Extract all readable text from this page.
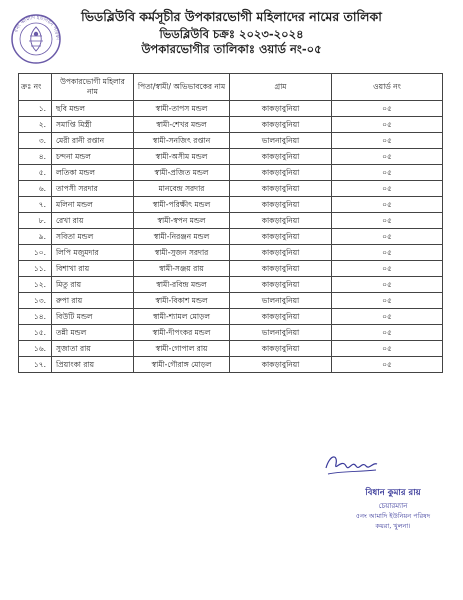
৫নং আমাদি ইউনিয়ন পরিষদ
ভিডব্লিউবি কর্মসূচীর উপকারভোগী মহিলাদের নামের তালিকা
ভিডব্লিউবি চক্রঃ ২০২৩-২০২৪
উপকারভোগীর তালিকাঃ ওয়ার্ড নং-০৫
ক্রঃ নং	উপকারভোগী মহিলার নাম	পিতা/স্বামী/ অভিভাবকের নাম	গ্রাম	ওয়ার্ড নং
১.	ছবি মন্ডল	স্বামী-তাপস মন্ডল	কাকড়াবুনিয়া	০৫
২.	সমাপ্তি মিস্ত্রী	স্বামী-শেখর মন্ডল	কাকড়াবুনিয়া	০৫
৩.	মেরী রানী রপ্তান	স্বামী-সনজিৎ রপ্তান	ভালনাবুনিয়া	০৫
৪.	চন্দনা মন্ডল	স্বামী-অসীম মন্ডল	কাকড়াবুনিয়া	০৫
৫.	লতিকা মন্ডল	স্বামী-প্রজিত মন্ডল	কাকড়াবুনিয়া	০৫
৬.	তাপসী সরদার	মানবেন্দ্র সরদার	কাকড়াবুনিয়া	০৫
৭.	মলিনা মন্ডল	স্বামী-পরিক্ষীৎ মন্ডল	কাকড়াবুনিয়া	০৫
৮.	রেখা রায়	স্বামী-স্বপন মন্ডল	কাকড়াবুনিয়া	০৫
৯.	সবিতা মন্ডল	স্বামী-নিরঞ্জন মন্ডল	কাকড়াবুনিয়া	০৫
১০.	লিপি মজুমদার	স্বামী-সুজন সরদার	কাকড়াবুনিয়া	০৫
১১.	বিশাখা রায়	স্বামী-সঞ্জয় রায়	কাকড়াবুনিয়া	০৫
১২.	মিতু রায়	স্বামী-রবিন্দ্র মন্ডল	কাকড়াবুনিয়া	০৫
১৩.	রুপা রায়	স্বামী-বিকাশ মন্ডল	ভালনাবুনিয়া	০৫
১৪.	বিউটি মন্ডল	স্বামী-শ্যামল মোড়ল	কাকড়াবুনিয়া	০৫
১৫.	তন্নী মন্ডল	স্বামী-দীপংকর মন্ডল	ভালনাবুনিয়া	০৫
১৬.	সুজাতা রায়	স্বামী-গোপাল রায়	কাকড়াবুনিয়া	০৫
১৭.	প্রিয়াংকা রায়	স্বামী-গৌরাঙ্গ মোড়ল	কাকড়াবুনিয়া	০৫
বিধান কুমার রায়
চেয়ারম্যান
৫নং আমাদি ইউনিয়ন পরিষদ
কয়রা, খুলনা।
